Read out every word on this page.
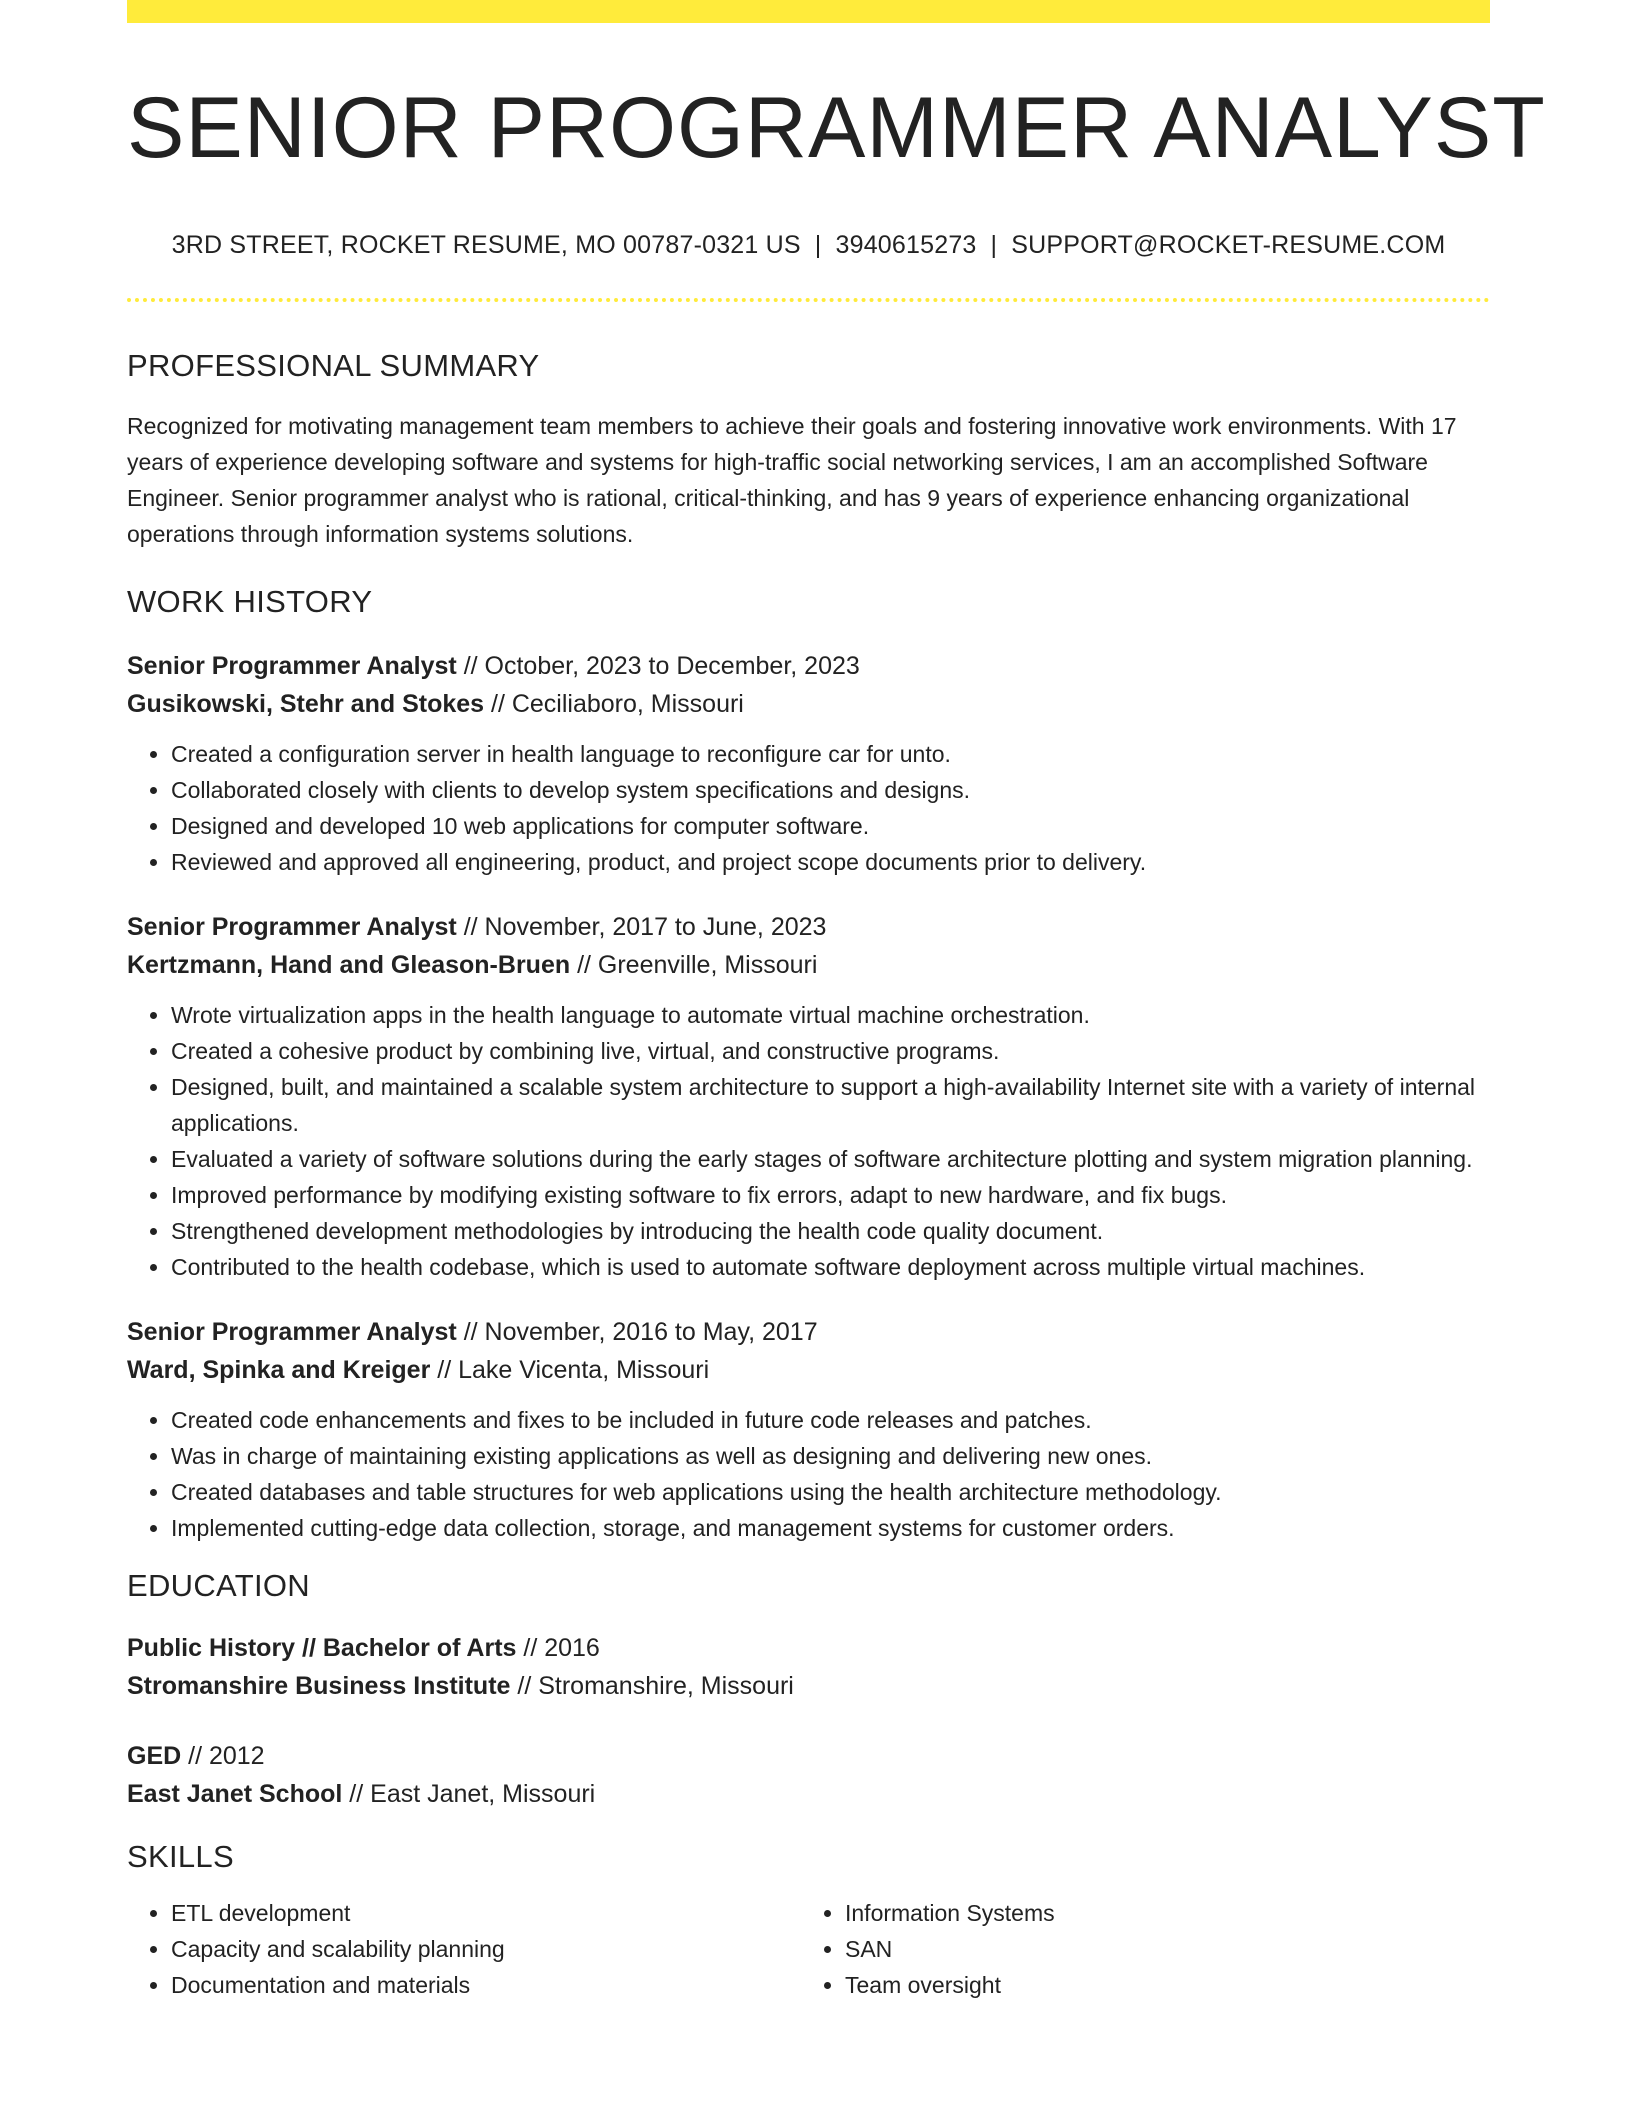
SENIOR PROGRAMMER ANALYST
3RD STREET, ROCKET RESUME, MO 00787-0321 US | 3940615273 | SUPPORT@ROCKET-RESUME.COM
PROFESSIONAL SUMMARY
Recognized for motivating management team members to achieve their goals and fostering innovative work environments. With 17 years of experience developing software and systems for high-traffic social networking services, I am an accomplished Software Engineer. Senior programmer analyst who is rational, critical-thinking, and has 9 years of experience enhancing organizational operations through information systems solutions.
WORK HISTORY
Senior Programmer Analyst // October, 2023 to December, 2023
Gusikowski, Stehr and Stokes // Ceciliaboro, Missouri
• Created a configuration server in health language to reconfigure car for unto.
• Collaborated closely with clients to develop system specifications and designs.
• Designed and developed 10 web applications for computer software.
• Reviewed and approved all engineering, product, and project scope documents prior to delivery.
Senior Programmer Analyst // November, 2017 to June, 2023
Kertzmann, Hand and Gleason-Bruen // Greenville, Missouri
• Wrote virtualization apps in the health language to automate virtual machine orchestration.
• Created a cohesive product by combining live, virtual, and constructive programs.
• Designed, built, and maintained a scalable system architecture to support a high-availability Internet site with a variety of internal applications.
• Evaluated a variety of software solutions during the early stages of software architecture plotting and system migration planning.
• Improved performance by modifying existing software to fix errors, adapt to new hardware, and fix bugs.
• Strengthened development methodologies by introducing the health code quality document.
• Contributed to the health codebase, which is used to automate software deployment across multiple virtual machines.
Senior Programmer Analyst // November, 2016 to May, 2017
Ward, Spinka and Kreiger // Lake Vicenta, Missouri
• Created code enhancements and fixes to be included in future code releases and patches.
• Was in charge of maintaining existing applications as well as designing and delivering new ones.
• Created databases and table structures for web applications using the health architecture methodology.
• Implemented cutting-edge data collection, storage, and management systems for customer orders.
EDUCATION
Public History // Bachelor of Arts // 2016
Stromanshire Business Institute // Stromanshire, Missouri
GED // 2012
East Janet School // East Janet, Missouri
SKILLS
• ETL development
• Capacity and scalability planning
• Documentation and materials
• Information Systems
• SAN
• Team oversight
